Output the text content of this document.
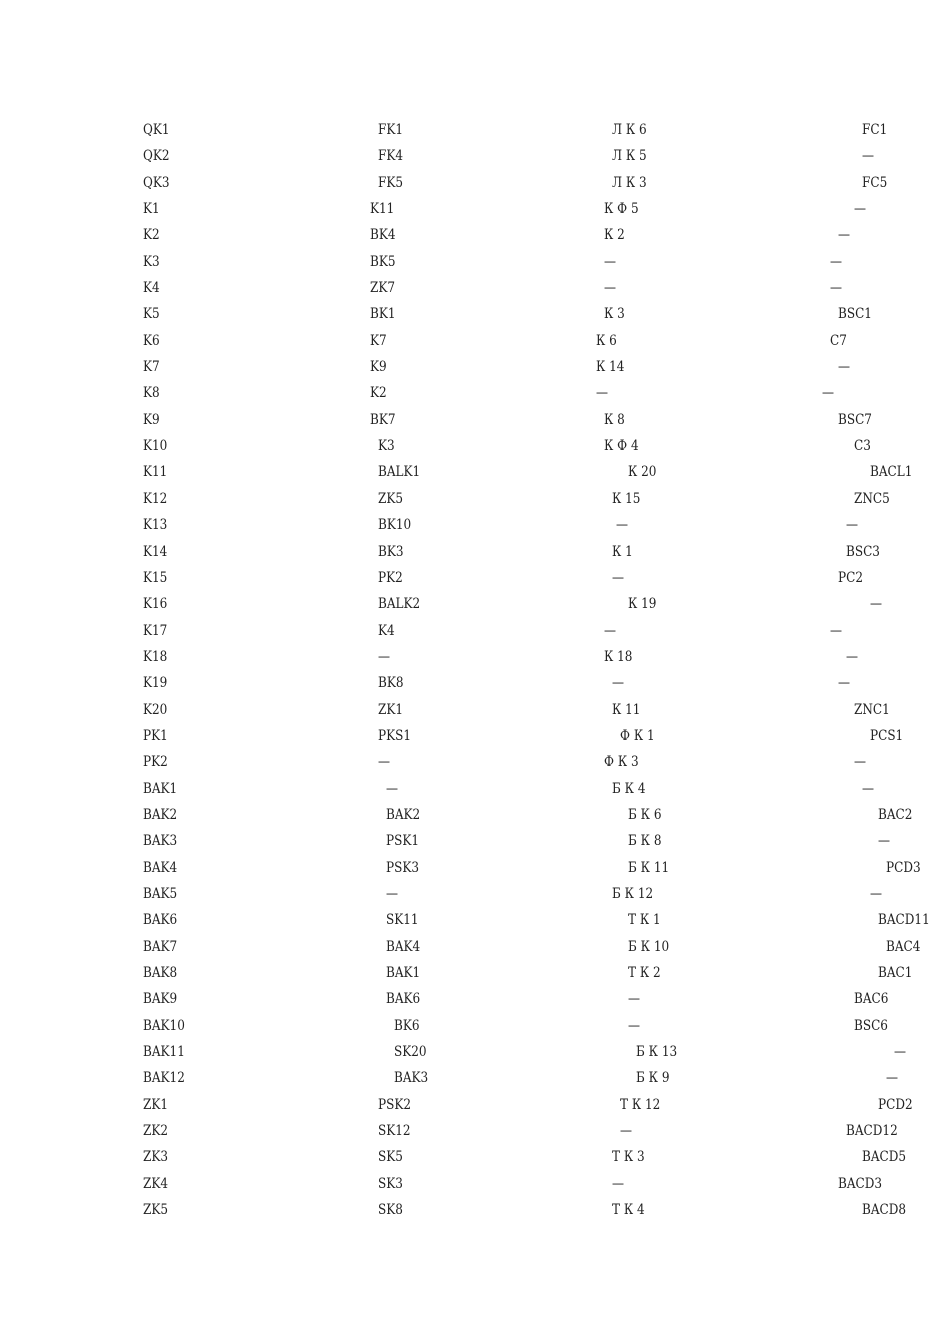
QK1	FK1	Л К 6	FC1
QK2	FK4	Л К 5	—
QK3	FK5	Л К 3	FC5
K1	K11	К Ф 5	—
K2	BK4	К 2	—
K3	BK5	—	—
K4	ZK7	—	—
K5	BK1	К 3	BSC1
K6	K7	К 6	C7
K7	K9	К 14	—
K8	K2	—	—
K9	BK7	К 8	BSC7
K10	K3	К Ф 4	C3
K11	BALK1	К 20	BACL1
K12	ZK5	К 15	ZNC5
K13	BK10	—	—
K14	BK3	К 1	BSC3
K15	PK2	—	PC2
K16	BALK2	К 19	—
K17	K4	—	—
K18	—	К 18	—
K19	BK8	—	—
K20	ZK1	К 11	ZNC1
PK1	PKS1	Ф К 1	PCS1
PK2	—	Ф К 3	—
BAK1	—	Б К 4	—
BAK2	BAK2	Б К 6	BAC2
BAK3	PSK1	Б К 8	—
BAK4	PSK3	Б К 11	PCD3
BAK5	—	Б К 12	—
BAK6	SK11	Т К 1	BACD11
BAK7	BAK4	Б К 10	BAC4
BAK8	BAK1	Т К 2	BAC1
BAK9	BAK6	—	BAC6
BAK10	BK6	—	BSC6
BAK11	SK20	Б К 13	—
BAK12	BAK3	Б К 9	—
ZK1	PSK2	Т К 12	PCD2
ZK2	SK12	—	BACD12
ZK3	SK5	Т К 3	BACD5
ZK4	SK3	—	BACD3
ZK5	SK8	Т К 4	BACD8
